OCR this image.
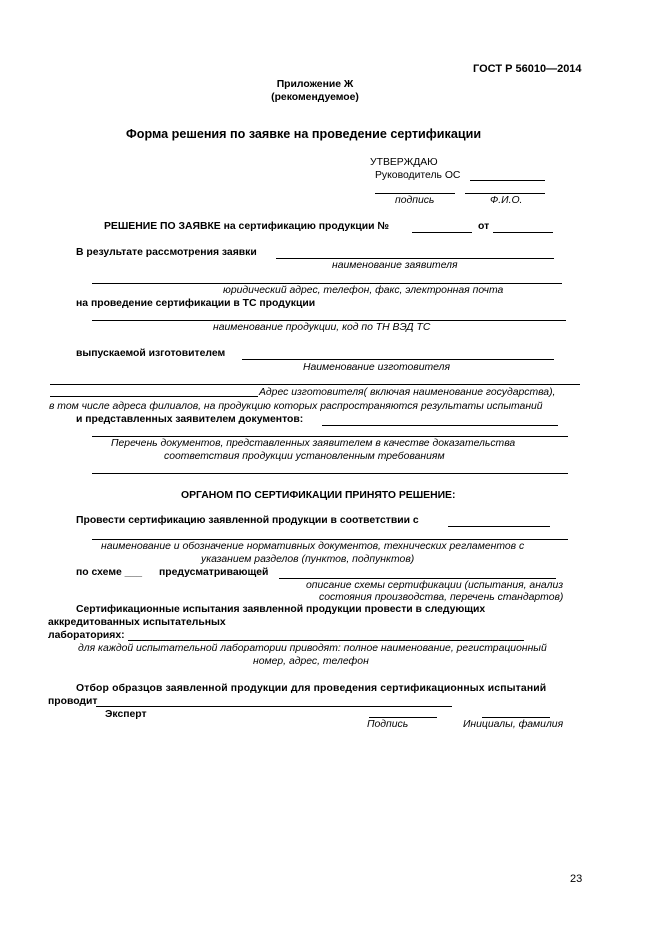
ГОСТ Р 56010—2014
Приложение Ж
(рекомендуемое)
Форма решения по заявке на проведение сертификации
УТВЕРЖДАЮ
Руководитель ОС
подпись	Ф.И.О.
РЕШЕНИЕ ПО ЗАЯВКЕ на сертификацию продукции №	от
В результате рассмотрения заявки
наименование заявителя
юридический адрес, телефон, факс, электронная почта
на проведение сертификации в ТС продукции
наименование продукции, код по ТН ВЭД ТС
выпускаемой изготовителем
Наименование изготовителя
Адрес изготовителя( включая наименование государства),
в том числе адреса филиалов, на продукцию которых распространяются результаты испытаний
и представленных заявителем документов:
Перечень документов, представленных заявителем в качестве доказательства
соответствия продукции установленным требованиям
ОРГАНОМ ПО СЕРТИФИКАЦИИ ПРИНЯТО РЕШЕНИЕ:
Провести сертификацию заявленной продукции в соответствии с
наименование и обозначение нормативных документов, технических регламентов с
указанием разделов (пунктов, подпунктов)
по схеме ___ предусматривающей
описание схемы сертификации (испытания, анализ
состояния производства, перечень стандартов)
Сертификационные испытания заявленной продукции провести в следующих
аккредитованных испытательных
лабораториях:
для каждой испытательной лаборатории приводят: полное наименование, регистрационный
номер, адрес, телефон
Отбор образцов заявленной продукции для проведения сертификационных испытаний
проводит
Эксперт
Подпись	Инициалы, фамилия
23
